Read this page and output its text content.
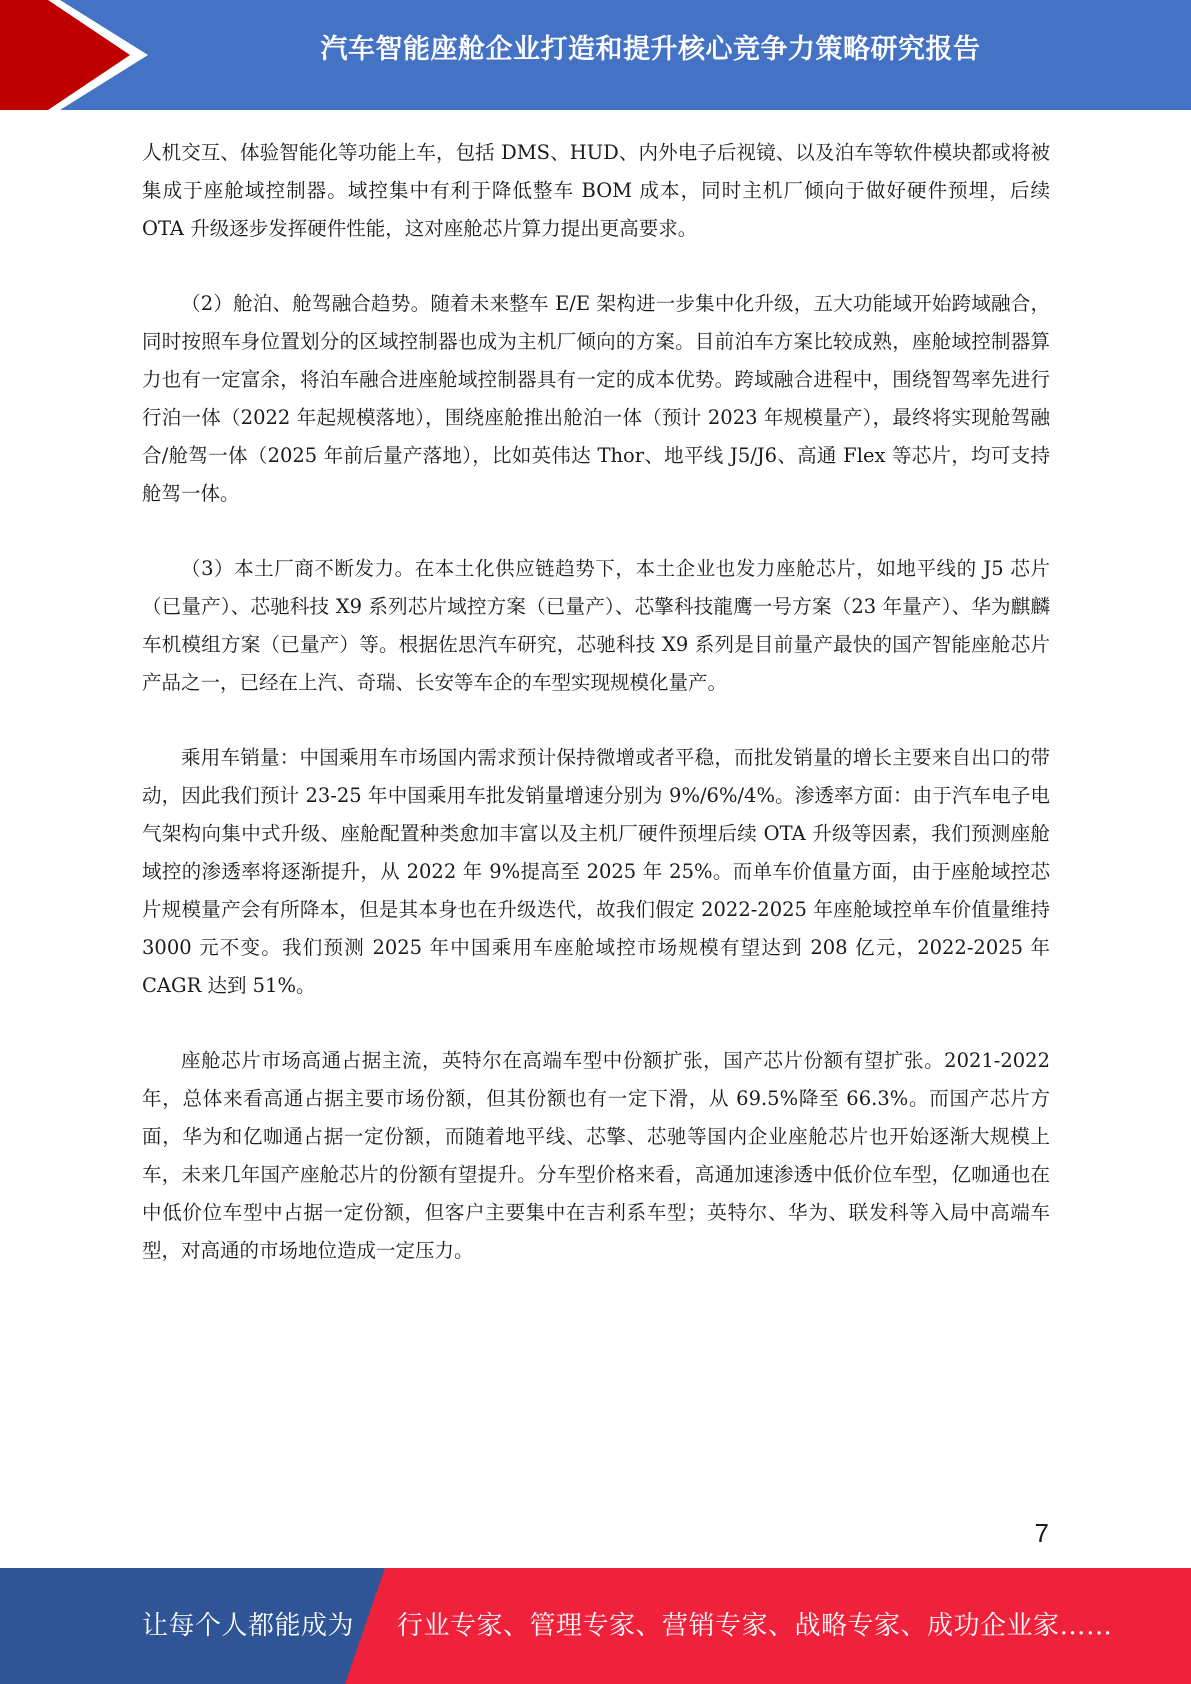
汽车智能座舱企业打造和提升核心竞争力策略研究报告

人机交互、体验智能化等功能上车，包括 DMS、HUD、内外电子后视镜、以及泊车等软件模块都或将被集成于座舱域控制器。域控集中有利于降低整车 BOM 成本，同时主机厂倾向于做好硬件预埋，后续 OTA 升级逐步发挥硬件性能，这对座舱芯片算力提出更高要求。

（2）舱泊、舱驾融合趋势。随着未来整车 E/E 架构进一步集中化升级，五大功能域开始跨域融合，同时按照车身位置划分的区域控制器也成为主机厂倾向的方案。目前泊车方案比较成熟，座舱域控制器算力也有一定富余，将泊车融合进座舱域控制器具有一定的成本优势。跨域融合进程中，围绕智驾率先进行行泊一体（2022 年起规模落地），围绕座舱推出舱泊一体（预计 2023 年规模量产），最终将实现舱驾融合/舱驾一体（2025 年前后量产落地），比如英伟达 Thor、地平线 J5/J6、高通 Flex 等芯片，均可支持舱驾一体。

（3）本土厂商不断发力。在本土化供应链趋势下，本土企业也发力座舱芯片，如地平线的 J5 芯片（已量产）、芯驰科技 X9 系列芯片域控方案（已量产）、芯擎科技龍鹰一号方案（23 年量产）、华为麒麟车机模组方案（已量产）等。根据佐思汽车研究，芯驰科技 X9 系列是目前量产最快的国产智能座舱芯片产品之一，已经在上汽、奇瑞、长安等车企的车型实现规模化量产。

乘用车销量：中国乘用车市场国内需求预计保持微增或者平稳，而批发销量的增长主要来自出口的带动，因此我们预计 23-25 年中国乘用车批发销量增速分别为 9%/6%/4%。渗透率方面：由于汽车电子电气架构向集中式升级、座舱配置种类愈加丰富以及主机厂硬件预埋后续 OTA 升级等因素，我们预测座舱域控的渗透率将逐渐提升，从 2022 年 9%提高至 2025 年 25%。而单车价值量方面，由于座舱域控芯片规模量产会有所降本，但是其本身也在升级迭代，故我们假定 2022-2025 年座舱域控单车价值量维持 3000 元不变。我们预测 2025 年中国乘用车座舱域控市场规模有望达到 208 亿元，2022-2025 年 CAGR 达到 51%。

座舱芯片市场高通占据主流，英特尔在高端车型中份额扩张，国产芯片份额有望扩张。2021-2022 年，总体来看高通占据主要市场份额，但其份额也有一定下滑，从 69.5%降至 66.3%。而国产芯片方面，华为和亿咖通占据一定份额，而随着地平线、芯擎、芯驰等国内企业座舱芯片也开始逐渐大规模上车，未来几年国产座舱芯片的份额有望提升。分车型价格来看，高通加速渗透中低价位车型，亿咖通也在中低价位车型中占据一定份额，但客户主要集中在吉利系车型；英特尔、华为、联发科等入局中高端车型，对高通的市场地位造成一定压力。

7
让每个人都能成为 行业专家、管理专家、营销专家、战略专家、成功企业家……
